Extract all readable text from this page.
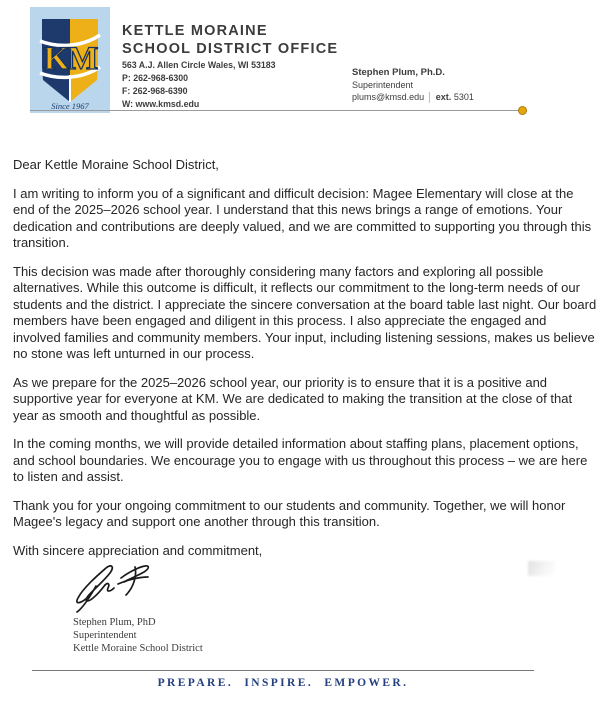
KM
Since 1967
KETTLE MORAINE
SCHOOL DISTRICT OFFICE
563 A.J. Allen Circle Wales, WI 53183
P: 262-968-6300
F: 262-968-6390
W: www.kmsd.edu
Stephen Plum, Ph.D.
Superintendent
plums@kmsd.edu │ ext. 5301

Dear Kettle Moraine School District,

I am writing to inform you of a significant and difficult decision: Magee Elementary will close at the end of the 2025–2026 school year. I understand that this news brings a range of emotions. Your dedication and contributions are deeply valued, and we are committed to supporting you through this transition.

This decision was made after thoroughly considering many factors and exploring all possible alternatives. While this outcome is difficult, it reflects our commitment to the long-term needs of our students and the district. I appreciate the sincere conversation at the board table last night. Our board members have been engaged and diligent in this process. I also appreciate the engaged and involved families and community members. Your input, including listening sessions, makes us believe no stone was left unturned in our process.

As we prepare for the 2025–2026 school year, our priority is to ensure that it is a positive and supportive year for everyone at KM. We are dedicated to making the transition at the close of that year as smooth and thoughtful as possible.

In the coming months, we will provide detailed information about staffing plans, placement options, and school boundaries. We encourage you to engage with us throughout this process – we are here to listen and assist.

Thank you for your ongoing commitment to our students and community. Together, we will honor Magee's legacy and support one another through this transition.

With sincere appreciation and commitment,

Stephen Plum, PhD
Superintendent
Kettle Moraine School District
PREPARE. INSPIRE. EMPOWER.
